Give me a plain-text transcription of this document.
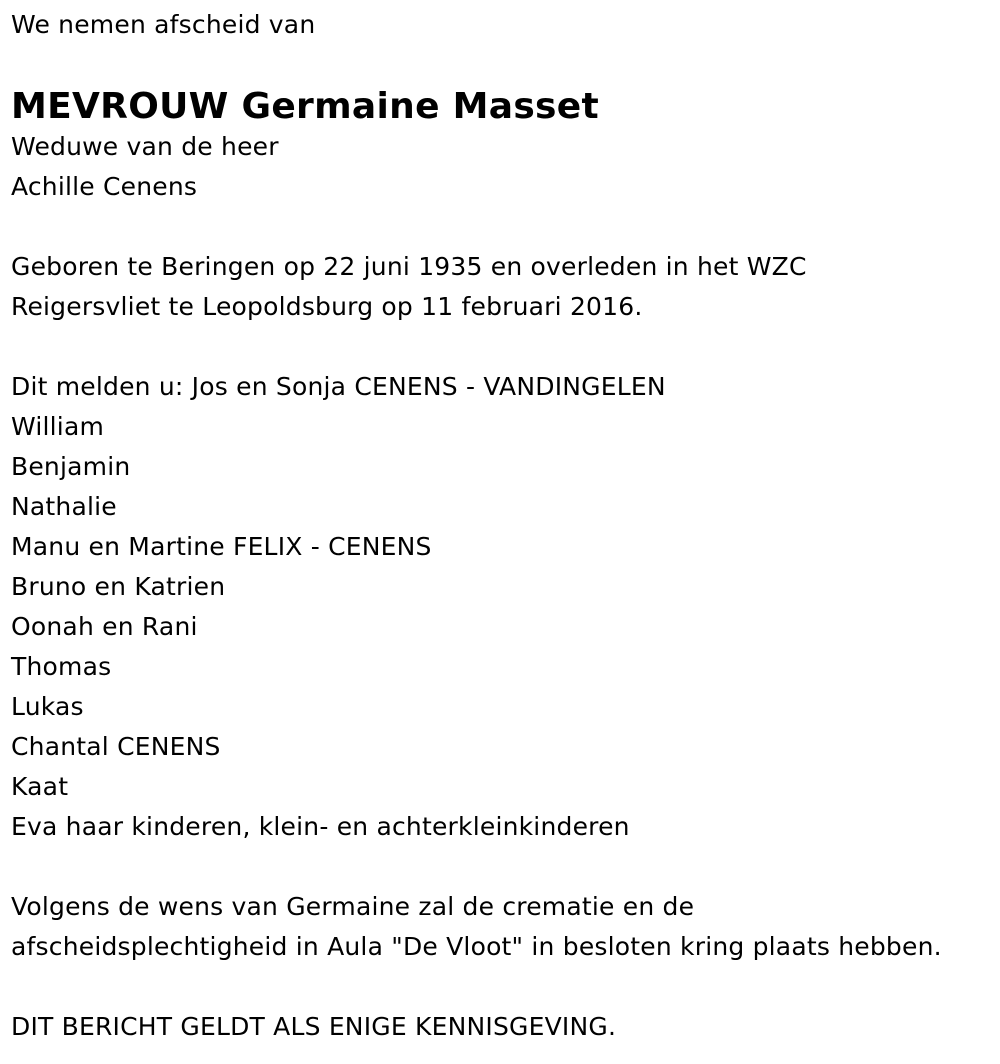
We nemen afscheid van
MEVROUW Germaine Masset
Weduwe van de heer
Achille Cenens
Geboren te Beringen op 22 juni 1935 en overleden in het WZC
Reigersvliet te Leopoldsburg op 11 februari 2016.
Dit melden u: Jos en Sonja CENENS - VANDINGELEN
William
Benjamin
Nathalie
Manu en Martine FELIX - CENENS
Bruno en Katrien
Oonah en Rani
Thomas
Lukas
Chantal CENENS
Kaat
Eva haar kinderen, klein- en achterkleinkinderen
Volgens de wens van Germaine zal de crematie en de
afscheidsplechtigheid in Aula "De Vloot" in besloten kring plaats hebben.
DIT BERICHT GELDT ALS ENIGE KENNISGEVING.
